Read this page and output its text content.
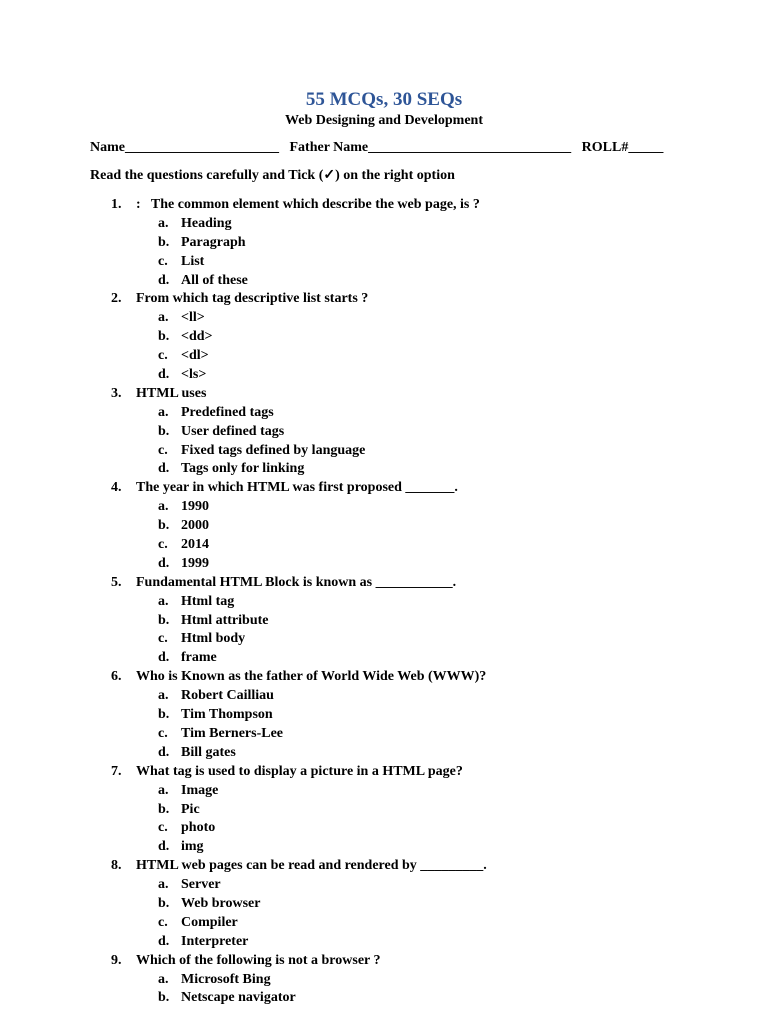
55 MCQs, 30 SEQs
Web Designing and Development
Name______________________   Father Name_____________________________   ROLL#_____
Read the questions carefully and Tick (✓) on the right option
1. :   The common element which describe the web page, is ?
a. Heading
b. Paragraph
c. List
d. All of these
2. From which tag descriptive list starts ?
a. <ll>
b. <dd>
c. <dl>
d. <ls>
3. HTML uses
a. Predefined tags
b. User defined tags
c. Fixed tags defined by language
d. Tags only for linking
4. The year in which HTML was first proposed _______.
a. 1990
b. 2000
c. 2014
d. 1999
5. Fundamental HTML Block is known as ___________.
a. Html tag
b. Html attribute
c. Html body
d. frame
6. Who is Known as the father of World Wide Web (WWW)?
a. Robert Cailliau
b. Tim Thompson
c. Tim Berners-Lee
d. Bill gates
7. What tag is used to display a picture in a HTML page?
a. Image
b. Pic
c. photo
d. img
8. HTML web pages can be read and rendered by _________.
a. Server
b. Web browser
c. Compiler
d. Interpreter
9. Which of the following is not a browser ?
a. Microsoft Bing
b. Netscape navigator
